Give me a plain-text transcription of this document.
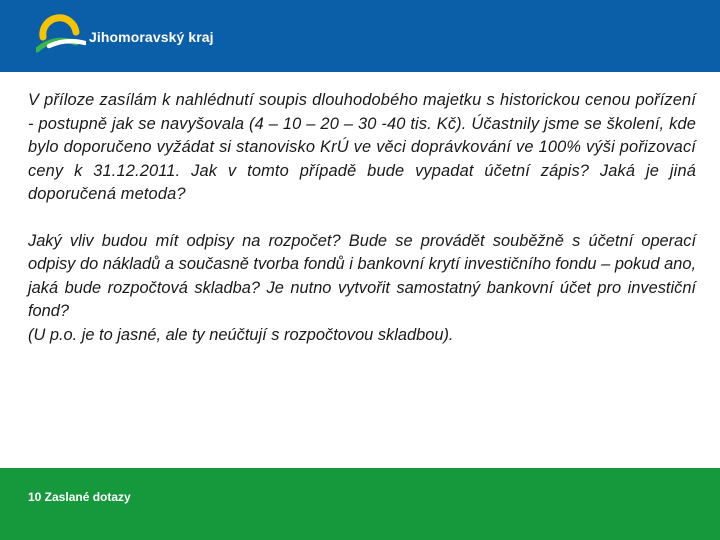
Jihomoravský kraj

V příloze zasílám k nahlédnutí soupis dlouhodobého majetku s historickou cenou pořízení - postupně jak se navyšovala (4 – 10 – 20 – 30 -40 tis. Kč). Účastnily jsme se školení, kde bylo doporučeno vyžádat si stanovisko KrÚ ve věci doprávkování ve 100% výši pořizovací ceny k 31.12.2011. Jak v tomto případě bude vypadat účetní zápis? Jaká je jiná doporučená metoda?

Jaký vliv budou mít odpisy na rozpočet? Bude se provádět souběžně s účetní operací odpisy do nákladů a současně tvorba fondů i bankovní krytí investičního fondu – pokud ano, jaká bude rozpočtová skladba? Je nutno vytvořit samostatný bankovní účet pro investiční fond?

(U p.o. je to jasné, ale ty neúčtují s rozpočtovou skladbou).

10 Zaslané dotazy
